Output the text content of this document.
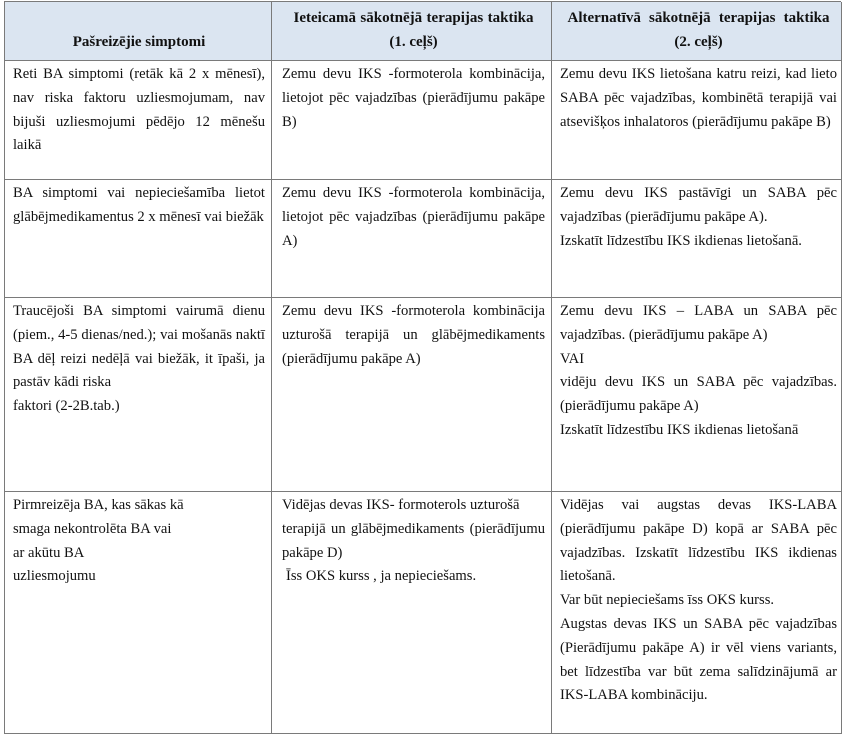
Pašreizējie simptomi
Ieteicamā sākotnējā terapijas taktika (1. ceļš)
Alternatīvā sākotnējā terapijas taktika (2. ceļš)
Reti BA simptomi (retāk kā 2 x mēnesī), nav riska faktoru uzliesmojumam, nav bijuši uzliesmojumi pēdējo 12 mēnešu laikā
Zemu devu IKS -formoterola kombinācija, lietojot pēc vajadzības (pierādījumu pakāpe B)
Zemu devu IKS lietošana katru reizi, kad lieto SABA pēc vajadzības, kombinētā terapijā vai atsevišķos inhalatoros (pierādījumu pakāpe B)
BA simptomi vai nepieciešamība lietot glābējmedikamentus 2 x mēnesī vai biežāk
Zemu devu IKS -formoterola kombinācija, lietojot pēc vajadzības (pierādījumu pakāpe A)
Zemu devu IKS pastāvīgi un SABA pēc vajadzības (pierādījumu pakāpe A).
Izskatīt līdzestību IKS ikdienas lietošanā.
Traucējoši BA simptomi vairumā dienu (piem., 4-5 dienas/ned.); vai mošanās naktī BA dēļ reizi nedēļā vai biežāk, it īpaši, ja pastāv kādi riska
faktori (2-2B.tab.)
Zemu devu IKS -formoterola kombinācija uzturošā terapijā un glābējmedikaments (pierādījumu pakāpe A)
Zemu devu IKS – LABA un SABA pēc vajadzības. (pierādījumu pakāpe A)
VAI
vidēju devu IKS un SABA pēc vajadzības. (pierādījumu pakāpe A)
Izskatīt līdzestību IKS ikdienas lietošanā
Pirmreizēja BA, kas sākas kā
smaga nekontrolēta BA vai
ar akūtu BA
uzliesmojumu
Vidējas devas IKS- formoterols uzturošā
terapijā un glābējmedikaments (pierādījumu pakāpe D)
Īss OKS kurss , ja nepieciešams.
Vidējas vai augstas devas IKS-LABA (pierādījumu pakāpe D) kopā ar SABA pēc vajadzības. Izskatīt līdzestību IKS ikdienas lietošanā.
Var būt nepieciešams īss OKS kurss.
Augstas devas IKS un SABA pēc vajadzības (Pierādījumu pakāpe A) ir vēl viens variants, bet līdzestība var būt zema salīdzinājumā ar IKS-LABA kombināciju.
